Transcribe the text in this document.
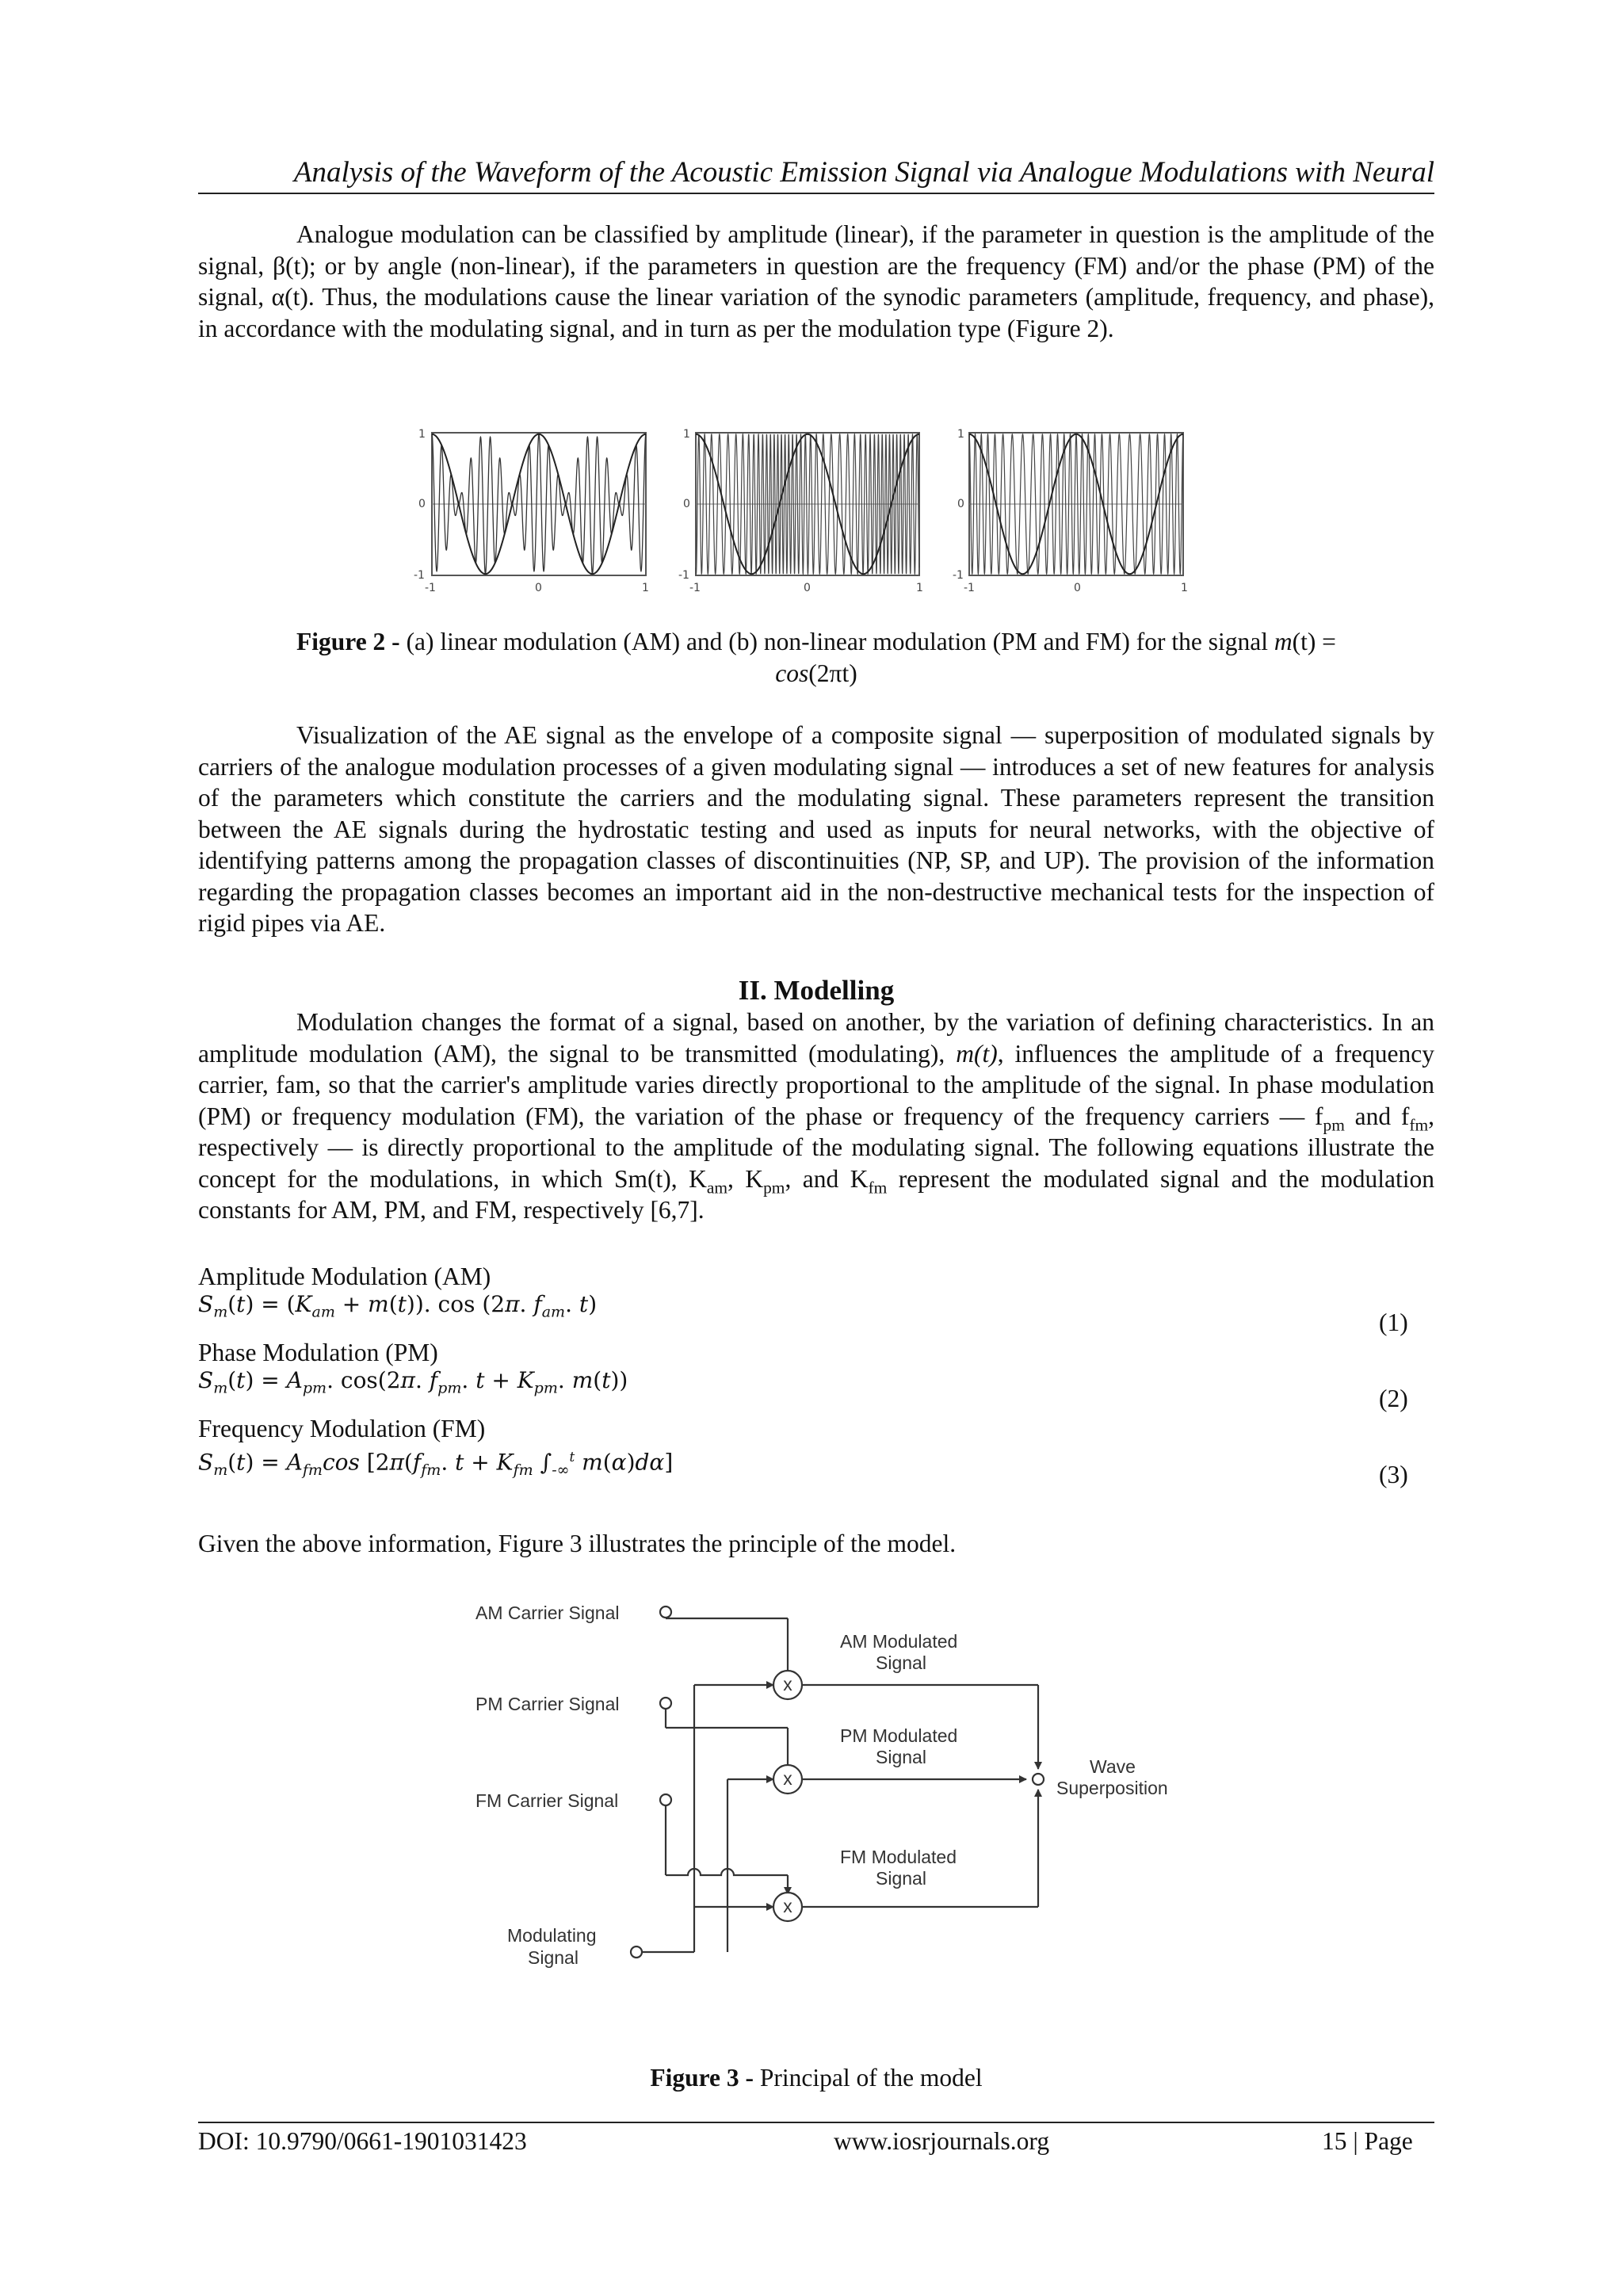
Analysis of the Waveform of the Acoustic Emission Signal via Analogue Modulations with Neural

Analogue modulation can be classified by amplitude (linear), if the parameter in question is the amplitude of the signal, β(t); or by angle (non-linear), if the parameters in question are the frequency (FM) and/or the phase (PM) of the signal, α(t). Thus, the modulations cause the linear variation of the synodic parameters (amplitude, frequency, and phase), in accordance with the modulating signal, and in turn as per the modulation type (Figure 2).

1
0
-1
-1	0	1
1
0
-1
-1	0	1
1
0
-1
-1	0	1
Figure 2 - (a) linear modulation (AM) and (b) non-linear modulation (PM and FM) for the signal m(t) =
cos(2πt)

Visualization of the AE signal as the envelope of a composite signal — superposition of modulated signals by carriers of the analogue modulation processes of a given modulating signal — introduces a set of new features for analysis of the parameters which constitute the carriers and the modulating signal. These parameters represent the transition between the AE signals during the hydrostatic testing and used as inputs for neural networks, with the objective of identifying patterns among the propagation classes of discontinuities (NP, SP, and UP). The provision of the information regarding the propagation classes becomes an important aid in the non-destructive mechanical tests for the inspection of rigid pipes via AE.

II. Modelling

Modulation changes the format of a signal, based on another, by the variation of defining characteristics. In an amplitude modulation (AM), the signal to be transmitted (modulating), m(t), influences the amplitude of a frequency carrier, fam, so that the carrier's amplitude varies directly proportional to the amplitude of the signal. In phase modulation (PM) or frequency modulation (FM), the variation of the phase or frequency of the frequency carriers — $f_{pm}$ and $f_{fm}$, respectively — is directly proportional to the amplitude of the modulating signal. The following equations illustrate the concept for the modulations, in which Sm(t), $K_{am}$, $K_{pm}$, and $K_{fm}$ represent the modulated signal and the modulation constants for AM, PM, and FM, respectively [6,7].

Amplitude Modulation (AM)
$S_m(t) = (K_{am} + m(t))$. cos (2π. $f_{am}$. t)
(1)
Phase Modulation (PM)
$S_m(t) = A_{pm}$. cos(2π. $f_{pm}$. $t + K_{pm}$. m(t))
(2)
Frequency Modulation (FM)
$S_m(t) = A_{fm}\cos$ [$2\pi(f_{fm}$. $t + K_{fm}$ $\int_{-\infty}^t$ m(α)dα]	(3)

Given the above information, Figure 3 illustrates the principle of the model.

x
x
x
AM Carrier Signal
PM Carrier Signal
FM Carrier Signal
Modulating
Signal
AM Modulated
Signal
PM Modulated
Signal
FM Modulated
Signal
Wave
Superposition
Figure 3 - Principal of the model
DOI: 10.9790/0661-1901031423	www.iosrjournals.org	15 | Page
